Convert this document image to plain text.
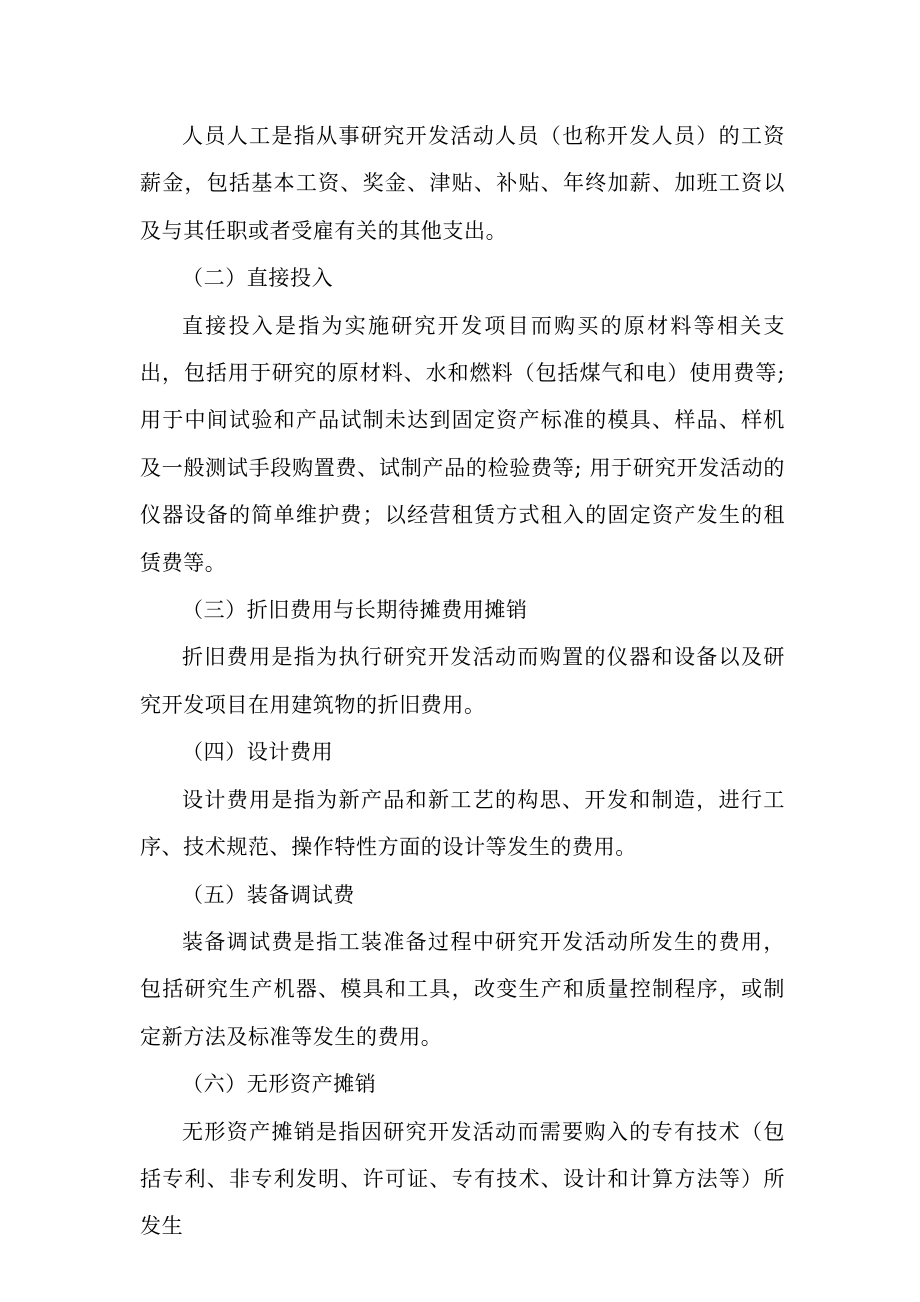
人员人工是指从事研究开发活动人员（也称开发人员）的工资薪金，包括基本工资、奖金、津贴、补贴、年终加薪、加班工资以及与其任职或者受雇有关的其他支出。

（二）直接投入

直接投入是指为实施研究开发项目而购买的原材料等相关支出，包括用于研究的原材料、水和燃料（包括煤气和电）使用费等; 用于中间试验和产品试制未达到固定资产标准的模具、样品、样机及一般测试手段购置费、试制产品的检验费等; 用于研究开发活动的仪器设备的简单维护费；以经营租赁方式租入的固定资产发生的租赁费等。

（三）折旧费用与长期待摊费用摊销

折旧费用是指为执行研究开发活动而购置的仪器和设备以及研究开发项目在用建筑物的折旧费用。

（四）设计费用

设计费用是指为新产品和新工艺的构思、开发和制造，进行工序、技术规范、操作特性方面的设计等发生的费用。

（五）装备调试费

装备调试费是指工装准备过程中研究开发活动所发生的费用，包括研究生产机器、模具和工具，改变生产和质量控制程序，或制定新方法及标准等发生的费用。

（六）无形资产摊销

无形资产摊销是指因研究开发活动而需要购入的专有技术（包括专利、非专利发明、许可证、专有技术、设计和计算方法等）所发生
